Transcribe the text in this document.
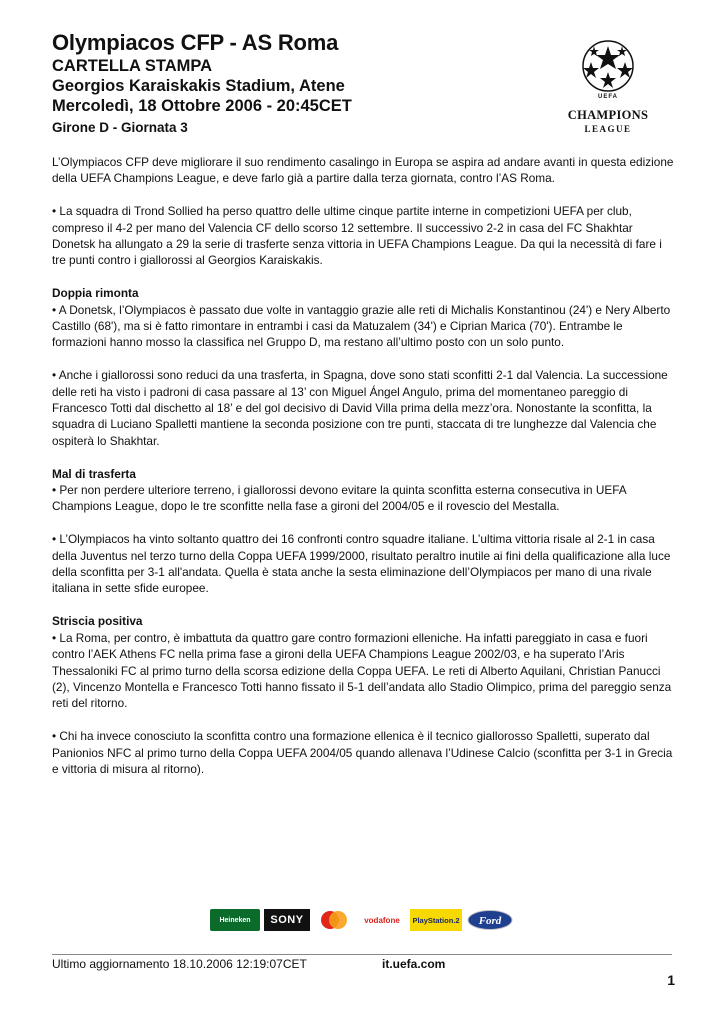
Olympiacos CFP - AS Roma
CARTELLA STAMPA
Georgios Karaiskakis Stadium, Atene
Mercoledì, 18 Ottobre 2006 - 20:45CET
Girone D - Giornata 3
UEFA
CHAMPIONS
LEAGUE

L’Olympiacos CFP deve migliorare il suo rendimento casalingo in Europa se aspira ad andare avanti in questa edizione della UEFA Champions League, e deve farlo già a partire dalla terza giornata, contro l’AS Roma.

• La squadra di Trond Sollied ha perso quattro delle ultime cinque partite interne in competizioni UEFA per club, compreso il 4-2 per mano del Valencia CF dello scorso 12 settembre. Il successivo 2-2 in casa del FC Shakhtar Donetsk ha allungato a 29 la serie di trasferte senza vittoria in UEFA Champions League. Da qui la necessità di fare i tre punti contro i giallorossi al Georgios Karaiskakis.

Doppia rimonta
• A Donetsk, l’Olympiacos è passato due volte in vantaggio grazie alle reti di Michalis Konstantinou (24') e Nery Alberto Castillo (68'), ma si è fatto rimontare in entrambi i casi da Matuzalem (34') e Ciprian Marica (70'). Entrambe le formazioni hanno mosso la classifica nel Gruppo D, ma restano all’ultimo posto con un solo punto.

• Anche i giallorossi sono reduci da una trasferta, in Spagna, dove sono stati sconfitti 2-1 dal Valencia. La successione delle reti ha visto i padroni di casa passare al 13’ con Miguel Ángel Angulo, prima del momentaneo pareggio di Francesco Totti dal dischetto al 18’ e del gol decisivo di David Villa prima della mezz’ora. Nonostante la sconfitta, la squadra di Luciano Spalletti mantiene la seconda posizione con tre punti, staccata di tre lunghezze dal Valencia che ospiterà lo Shakhtar.

Mal di trasferta
• Per non perdere ulteriore terreno, i giallorossi devono evitare la quinta sconfitta esterna consecutiva in UEFA Champions League, dopo le tre sconfitte nella fase a gironi del 2004/05 e il rovescio del Mestalla.

• L’Olympiacos ha vinto soltanto quattro dei 16 confronti contro squadre italiane. L’ultima vittoria risale al 2-1 in casa della Juventus nel terzo turno della Coppa UEFA 1999/2000, risultato peraltro inutile ai fini della qualificazione alla luce della sconfitta per 3-1 all'andata. Quella è stata anche la sesta eliminazione dell’Olympiacos per mano di una rivale italiana in sette sfide europee.

Striscia positiva
• La Roma, per contro, è imbattuta da quattro gare contro formazioni elleniche. Ha infatti pareggiato in casa e fuori contro l’AEK Athens FC nella prima fase a gironi della UEFA Champions League 2002/03, e ha superato l’Aris Thessaloniki FC al primo turno della scorsa edizione della Coppa UEFA. Le reti di Alberto Aquilani, Christian Panucci (2), Vincenzo Montella e Francesco Totti hanno fissato il 5-1 dell’andata allo Stadio Olimpico, prima del pareggio senza reti del ritorno.

• Chi ha invece conosciuto la sconfitta contro una formazione ellenica è il tecnico giallorosso Spalletti, superato dal Panionios NFC al primo turno della Coppa UEFA 2004/05 quando allenava l’Udinese Calcio (sconfitta per 3-1 in Grecia e vittoria di misura al ritorno).

Heineken	SONY	vodafone	PlayStation.2 Ford
Ultimo aggiornamento 18.10.2006 12:19:07CET	it.uefa.com
1
